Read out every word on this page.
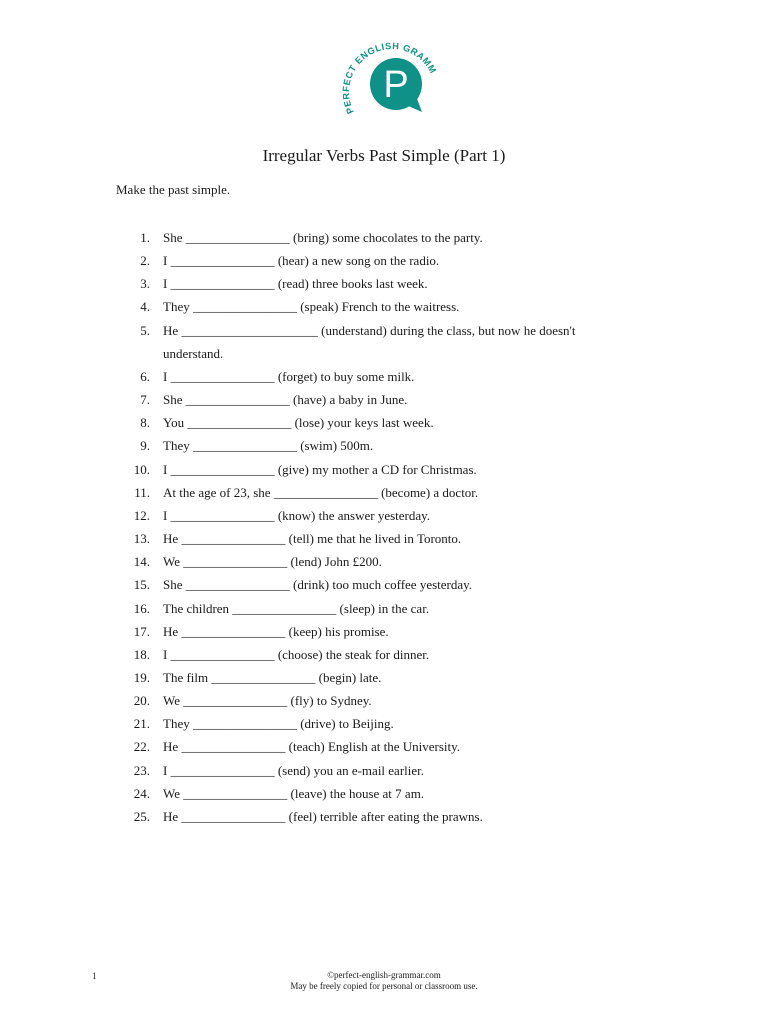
PERFECT ENGLISH GRAM
P
Irregular Verbs Past Simple (Part 1)
Make the past simple.
1. She ________________ (bring) some chocolates to the party.
2. I ________________ (hear) a new song on the radio.
3. I ________________ (read) three books last week.
4. They ________________ (speak) French to the waitress.
5. He _____________________ (understand) during the class, but now he doesn't understand.
6. I ________________ (forget) to buy some milk.
7. She ________________ (have) a baby in June.
8. You ________________ (lose) your keys last week.
9. They ________________ (swim) 500m.
10. I ________________ (give) my mother a CD for Christmas.
11. At the age of 23, she ________________ (become) a doctor.
12. I ________________ (know) the answer yesterday.
13. He ________________ (tell) me that he lived in Toronto.
14. We ________________ (lend) John £200.
15. She ________________ (drink) too much coffee yesterday.
16. The children ________________ (sleep) in the car.
17. He ________________ (keep) his promise.
18. I ________________ (choose) the steak for dinner.
19. The film ________________ (begin) late.
20. We ________________ (fly) to Sydney.
21. They ________________ (drive) to Beijing.
22. He ________________ (teach) English at the University.
23. I ________________ (send) you an e-mail earlier.
24. We ________________ (leave) the house at 7 am.
25. He ________________ (feel) terrible after eating the prawns.
1	©perfect-english-grammar.com
May be freely copied for personal or classroom use.
